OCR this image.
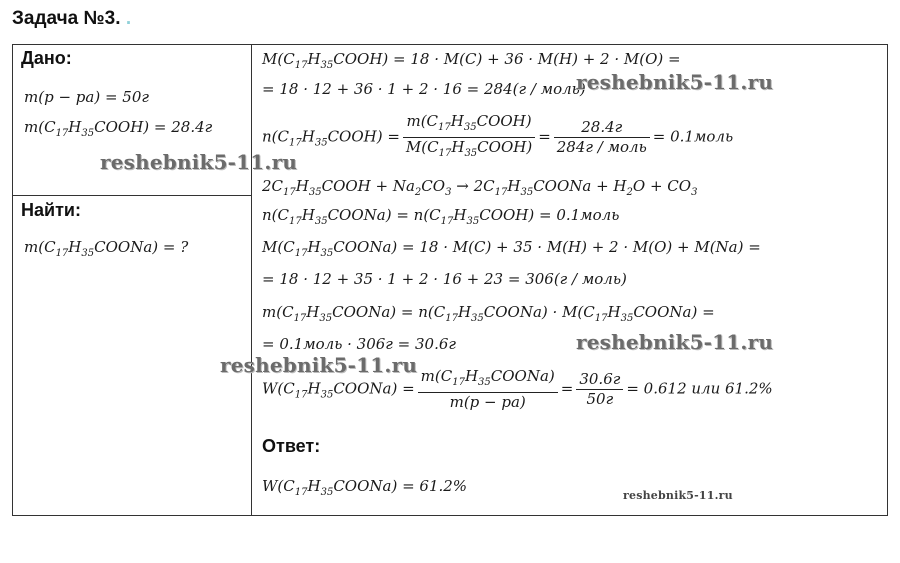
Задача №3. .
Дано:
m(р − ра) = 50г
$m(C_{17}H_{35}COOH) = 28.4г$
Найти:
$m(C_{17}H_{35}COONa)$ = ?
$M(C_{17}H_{35}COOH) = 18 \cdot M(C) + 36 \cdot M(H) + 2 \cdot M(O)$ =
= 18 · 12 + 36 · 1 + 2 · 16 = 284(г / моль)
$n(C_{17}H_{35}COOH) = \frac{m(C_{17}H_{35}COOH)}{M(C_{17}H_{35}COOH)} = \frac{28.4г}{\text{284г / моль}}$ = 0.1моль
$2C_{17}H_{35}COOH + Na_2CO_3$ → $2C_{17}H_{35}COONa + H_2O + CO_3$
$n(C_{17}H_{35}COONa)$ = $n(C_{17}H_{35}COOH)$ = 0.1моль
$M(C_{17}H_{35}COONa) = 18 \cdot M(C) + 35 \cdot M(H) + 2 \cdot M(O) + M(Na)$ =
= 18 · 12 + 35 · 1 + 2 · 16 + 23 = 306(г / моль)
$m(C_{17}H_{35}COONa)$ = $n(C_{17}H_{35}COONa)$ · $M(C_{17}H_{35}COONa)$ =
= 0.1моль · 306г = 30.6г
$W(C_{17}H_{35}COONa) = \frac{m(C_{17}H_{35}COONa)}{m(р - ра)} = \frac{30.6г}{50г} = 0.612$ или 61.2%
Ответ:
$W(C_{17}H_{35}COONa) = 61.2\%$
reshebnik5-11.ru
reshebnik5-11.ru
reshebnik5-11.ru
reshebnik5-11.ru
reshebnik5-11.ru
